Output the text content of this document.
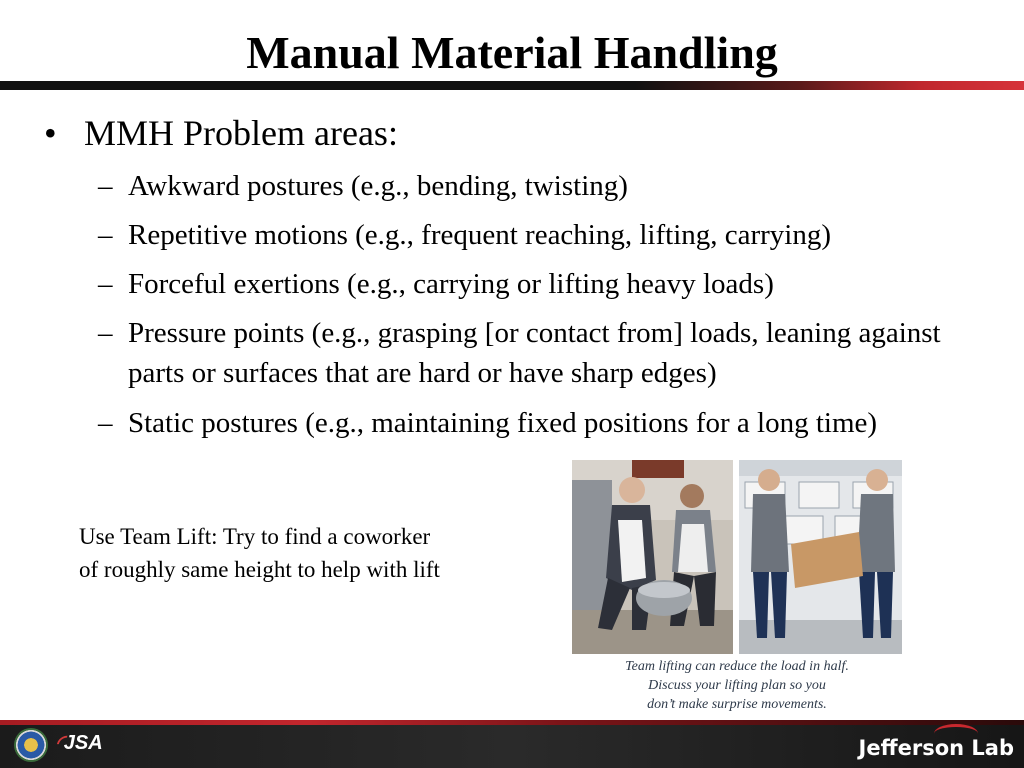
Manual Material Handling
• MMH Problem areas:
– Awkward postures (e.g., bending, twisting)
– Repetitive motions (e.g., frequent reaching, lifting, carrying)
– Forceful exertions (e.g., carrying or lifting heavy loads)
– Pressure points (e.g., grasping [or contact from] loads, leaning against parts or surfaces that are hard or have sharp edges)
– Static postures (e.g., maintaining fixed positions for a long time)
Use Team Lift: Try to find a coworker
of roughly same height to help with lift
Team lifting can reduce the load in half.
Discuss your lifting plan so you
don’t make surprise movements.
◜JSA	Jefferson Lab
